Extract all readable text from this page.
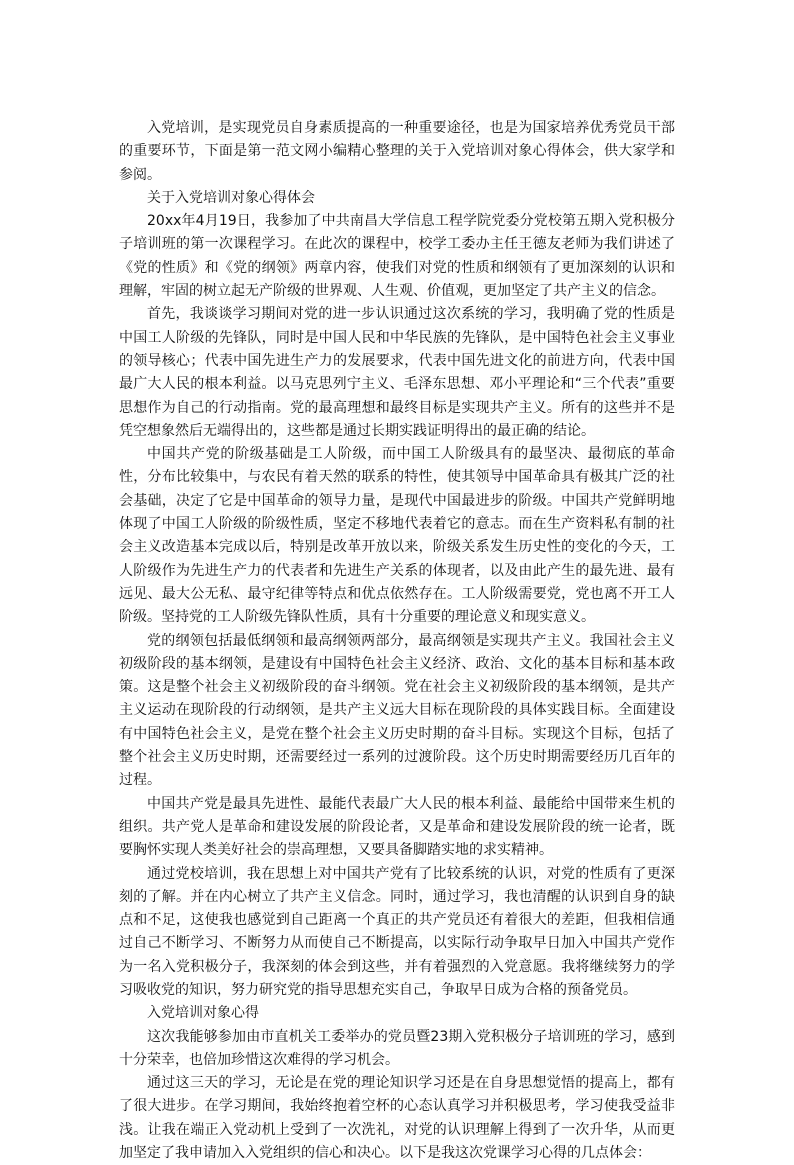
入党培训，是实现党员自身素质提高的一种重要途径，也是为国家培养优秀党员干部的重要环节，下面是第一范文网小编精心整理的关于入党培训对象心得体会，供大家学和参阅。

关于入党培训对象心得体会

20xx年4月19日，我参加了中共南昌大学信息工程学院党委分党校第五期入党积极分子培训班的第一次课程学习。在此次的课程中，校学工委办主任王德友老师为我们讲述了《党的性质》和《党的纲领》两章内容，使我们对党的性质和纲领有了更加深刻的认识和理解，牢固的树立起无产阶级的世界观、人生观、价值观，更加坚定了共产主义的信念。

首先，我谈谈学习期间对党的进一步认识通过这次系统的学习，我明确了党的性质是中国工人阶级的先锋队，同时是中国人民和中华民族的先锋队，是中国特色社会主义事业的领导核心；代表中国先进生产力的发展要求，代表中国先进文化的前进方向，代表中国最广大人民的根本利益。以马克思列宁主义、毛泽东思想、邓小平理论和“三个代表”重要思想作为自己的行动指南。党的最高理想和最终目标是实现共产主义。所有的这些并不是凭空想象然后无端得出的，这些都是通过长期实践证明得出的最正确的结论。

中国共产党的阶级基础是工人阶级，而中国工人阶级具有的最坚决、最彻底的革命性，分布比较集中，与农民有着天然的联系的特性，使其领导中国革命具有极其广泛的社会基础，决定了它是中国革命的领导力量，是现代中国最进步的阶级。中国共产党鲜明地体现了中国工人阶级的阶级性质，坚定不移地代表着它的意志。而在生产资料私有制的社会主义改造基本完成以后，特别是改革开放以来，阶级关系发生历史性的变化的今天，工人阶级作为先进生产力的代表者和先进生产关系的体现者，以及由此产生的最先进、最有远见、最大公无私、最守纪律等特点和优点依然存在。工人阶级需要党，党也离不开工人阶级。坚持党的工人阶级先锋队性质，具有十分重要的理论意义和现实意义。

党的纲领包括最低纲领和最高纲领两部分，最高纲领是实现共产主义。我国社会主义初级阶段的基本纲领，是建设有中国特色社会主义经济、政治、文化的基本目标和基本政策。这是整个社会主义初级阶段的奋斗纲领。党在社会主义初级阶段的基本纲领，是共产主义运动在现阶段的行动纲领，是共产主义远大目标在现阶段的具体实践目标。全面建设有中国特色社会主义，是党在整个社会主义历史时期的奋斗目标。实现这个目标，包括了整个社会主义历史时期，还需要经过一系列的过渡阶段。这个历史时期需要经历几百年的过程。

中国共产党是最具先进性、最能代表最广大人民的根本利益、最能给中国带来生机的组织。共产党人是革命和建设发展的阶段论者，又是革命和建设发展阶段的统一论者，既要胸怀实现人类美好社会的崇高理想，又要具备脚踏实地的求实精神。

通过党校培训，我在思想上对中国共产党有了比较系统的认识，对党的性质有了更深刻的了解。并在内心树立了共产主义信念。同时，通过学习，我也清醒的认识到自身的缺点和不足，这使我也感觉到自己距离一个真正的共产党员还有着很大的差距，但我相信通过自己不断学习、不断努力从而使自己不断提高，以实际行动争取早日加入中国共产党作为一名入党积极分子，我深刻的体会到这些，并有着强烈的入党意愿。我将继续努力的学习吸收党的知识，努力研究党的指导思想充实自己，争取早日成为合格的预备党员。

入党培训对象心得

这次我能够参加由市直机关工委举办的党员暨23期入党积极分子培训班的学习，感到十分荣幸，也倍加珍惜这次难得的学习机会。

通过这三天的学习，无论是在党的理论知识学习还是在自身思想觉悟的提高上，都有了很大进步。在学习期间，我始终抱着空杯的心态认真学习并积极思考，学习使我受益非浅。让我在端正入党动机上受到了一次洗礼，对党的认识理解上得到了一次升华，从而更加坚定了我申请加入入党组织的信心和决心。以下是我这次党课学习心得的几点体会：
